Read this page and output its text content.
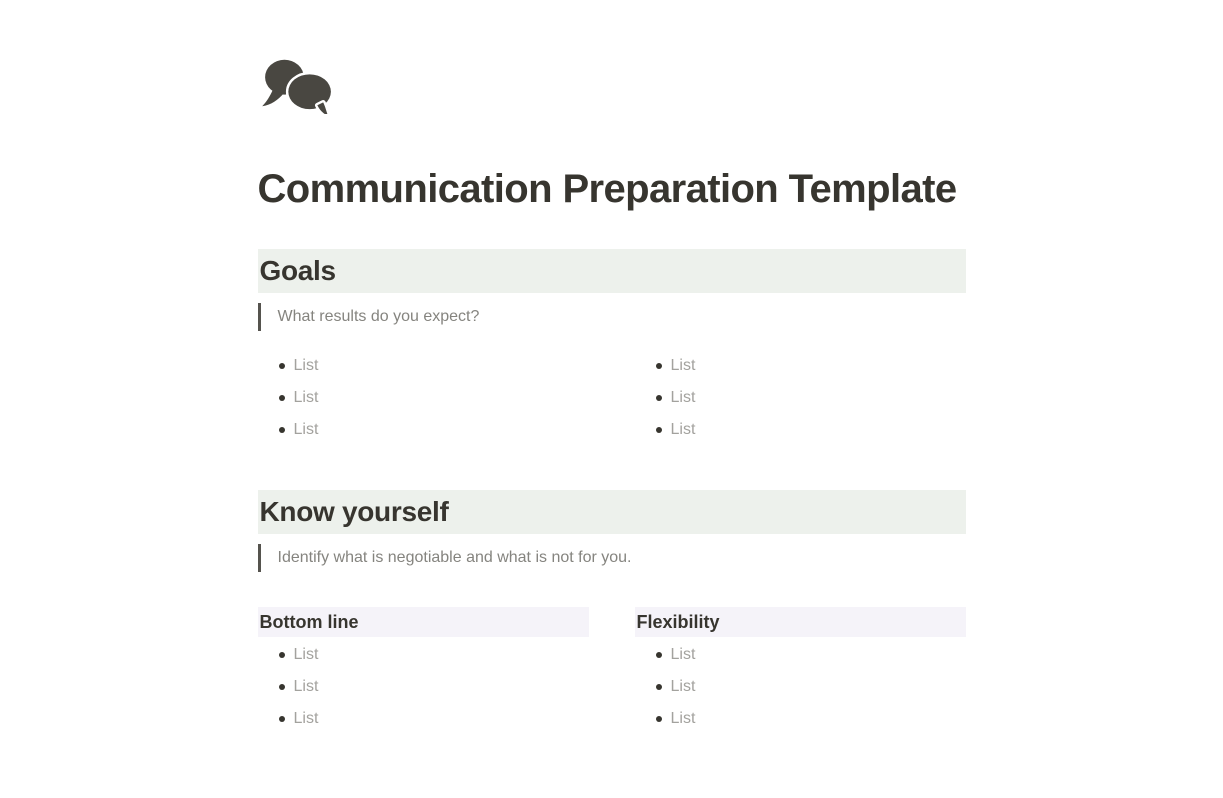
Communication Preparation Template
Goals
What results do you expect?
List
List
List
List
List
List
Know yourself
Identify what is negotiable and what is not for you.
Bottom line
List
List
List
Flexibility
List
List
List
